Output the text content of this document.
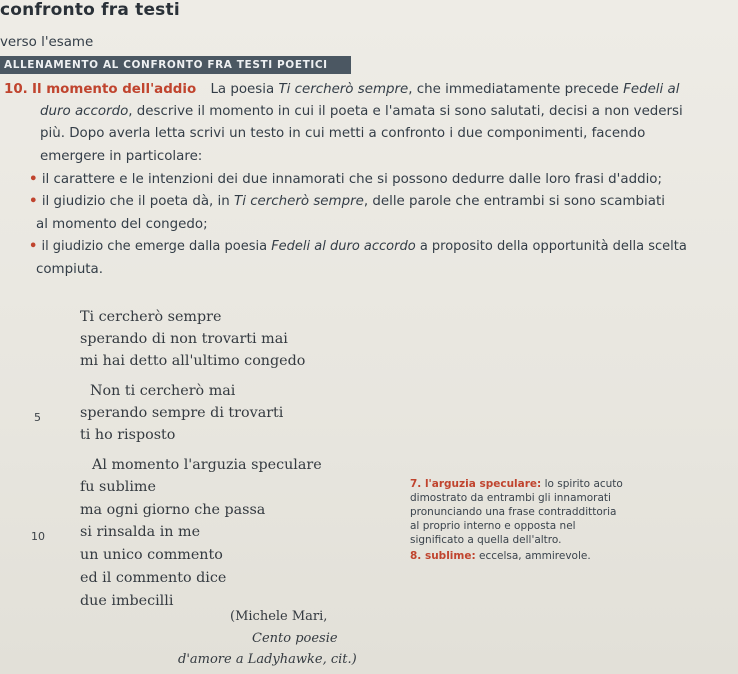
confronto fra testi
verso l'esame
ALLENAMENTO AL CONFRONTO FRA TESTI POETICI
10. Il momento dell'addio La poesia Ti cercherò sempre, che immediatamente precede Fedeli al
duro accordo, descrive il momento in cui il poeta e l'amata si sono salutati, decisi a non vedersi
più. Dopo averla letta scrivi un testo in cui metti a confronto i due componimenti, facendo
emergere in particolare:
• il carattere e le intenzioni dei due innamorati che si possono dedurre dalle loro frasi d'addio;
• il giudizio che il poeta dà, in Ti cercherò sempre, delle parole che entrambi si sono scambiati
al momento del congedo;
• il giudizio che emerge dalla poesia Fedeli al duro accordo a proposito della opportunità della scelta
compiuta.
Ti cercherò sempre
sperando di non trovarti mai
mi hai detto all'ultimo congedo
Non ti cercherò mai
5	sperando sempre di trovarti
ti ho risposto
Al momento l'arguzia speculare
fu sublime
ma ogni giorno che passa
10 si rinsalda in me
un unico commento
ed il commento dice
due imbecilli
(Michele Mari,
Cento poesie
d'amore a Ladyhawke, cit.)
7. l'arguzia speculare: lo spirito acuto
dimostrato da entrambi gli innamorati
pronunciando una frase contraddittoria
al proprio interno e opposta nel
significato a quella dell'altro.
8. sublime: eccelsa, ammirevole.
